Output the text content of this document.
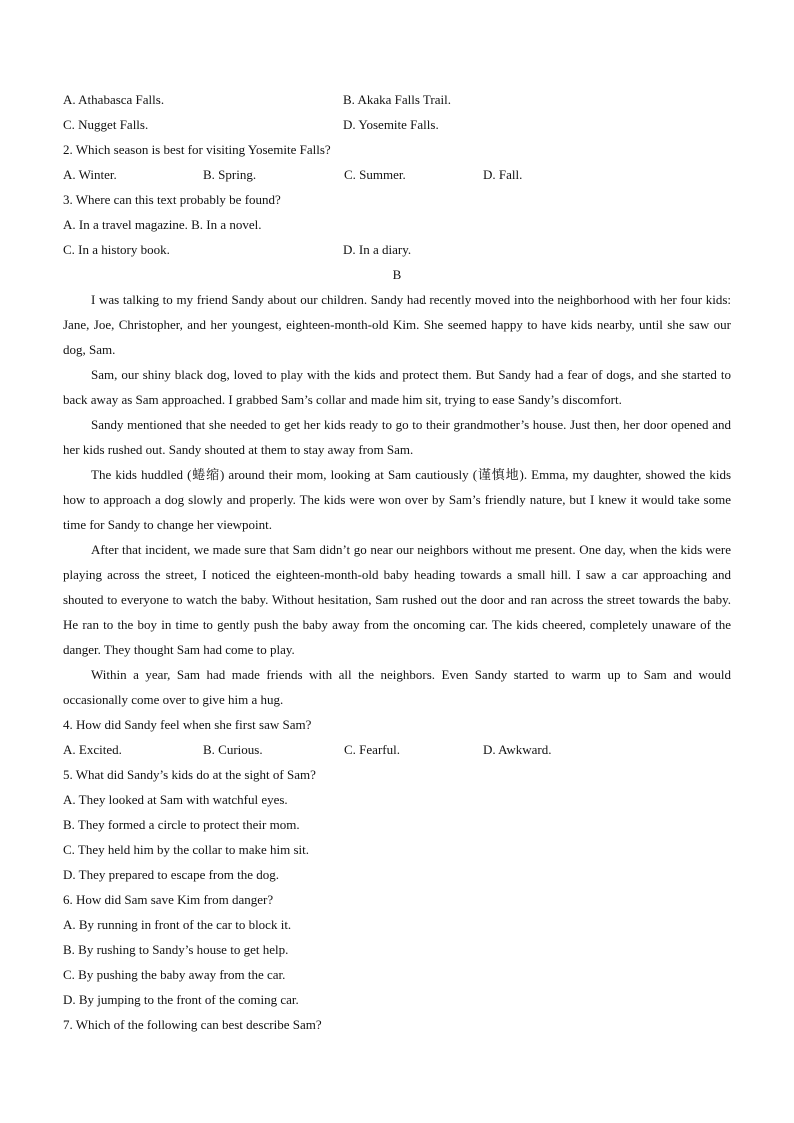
A. Athabasca Falls.	B. Akaka Falls Trail.
C. Nugget Falls.	D. Yosemite Falls.
2. Which season is best for visiting Yosemite Falls?
A. Winter.	B. Spring.	C. Summer.	D. Fall.
3. Where can this text probably be found?
A. In a travel magazine. B. In a novel.
C. In a history book.	D. In a diary.
B

I was talking to my friend Sandy about our children. Sandy had recently moved into the neighborhood with her four kids: Jane, Joe, Christopher, and her youngest, eighteen-month-old Kim. She seemed happy to have kids nearby, until she saw our dog, Sam.

Sam, our shiny black dog, loved to play with the kids and protect them. But Sandy had a fear of dogs, and she started to back away as Sam approached. I grabbed Sam’s collar and made him sit, trying to ease Sandy’s discomfort.

Sandy mentioned that she needed to get her kids ready to go to their grandmother’s house. Just then, her door opened and her kids rushed out. Sandy shouted at them to stay away from Sam.

The kids huddled (蜷缩) around their mom, looking at Sam cautiously (谨慎地). Emma, my daughter, showed the kids how to approach a dog slowly and properly. The kids were won over by Sam’s friendly nature, but I knew it would take some time for Sandy to change her viewpoint.

After that incident, we made sure that Sam didn’t go near our neighbors without me present. One day, when the kids were playing across the street, I noticed the eighteen-month-old baby heading towards a small hill. I saw a car approaching and shouted to everyone to watch the baby. Without hesitation, Sam rushed out the door and ran across the street towards the baby. He ran to the boy in time to gently push the baby away from the oncoming car. The kids cheered, completely unaware of the danger. They thought Sam had come to play.

Within a year, Sam had made friends with all the neighbors. Even Sandy started to warm up to Sam and would occasionally come over to give him a hug.

4. How did Sandy feel when she first saw Sam?
A. Excited.	B. Curious.	C. Fearful.	D. Awkward.
5. What did Sandy’s kids do at the sight of Sam?
A. They looked at Sam with watchful eyes.
B. They formed a circle to protect their mom.
C. They held him by the collar to make him sit.
D. They prepared to escape from the dog.
6. How did Sam save Kim from danger?
A. By running in front of the car to block it.
B. By rushing to Sandy’s house to get help.
C. By pushing the baby away from the car.
D. By jumping to the front of the coming car.
7. Which of the following can best describe Sam?
